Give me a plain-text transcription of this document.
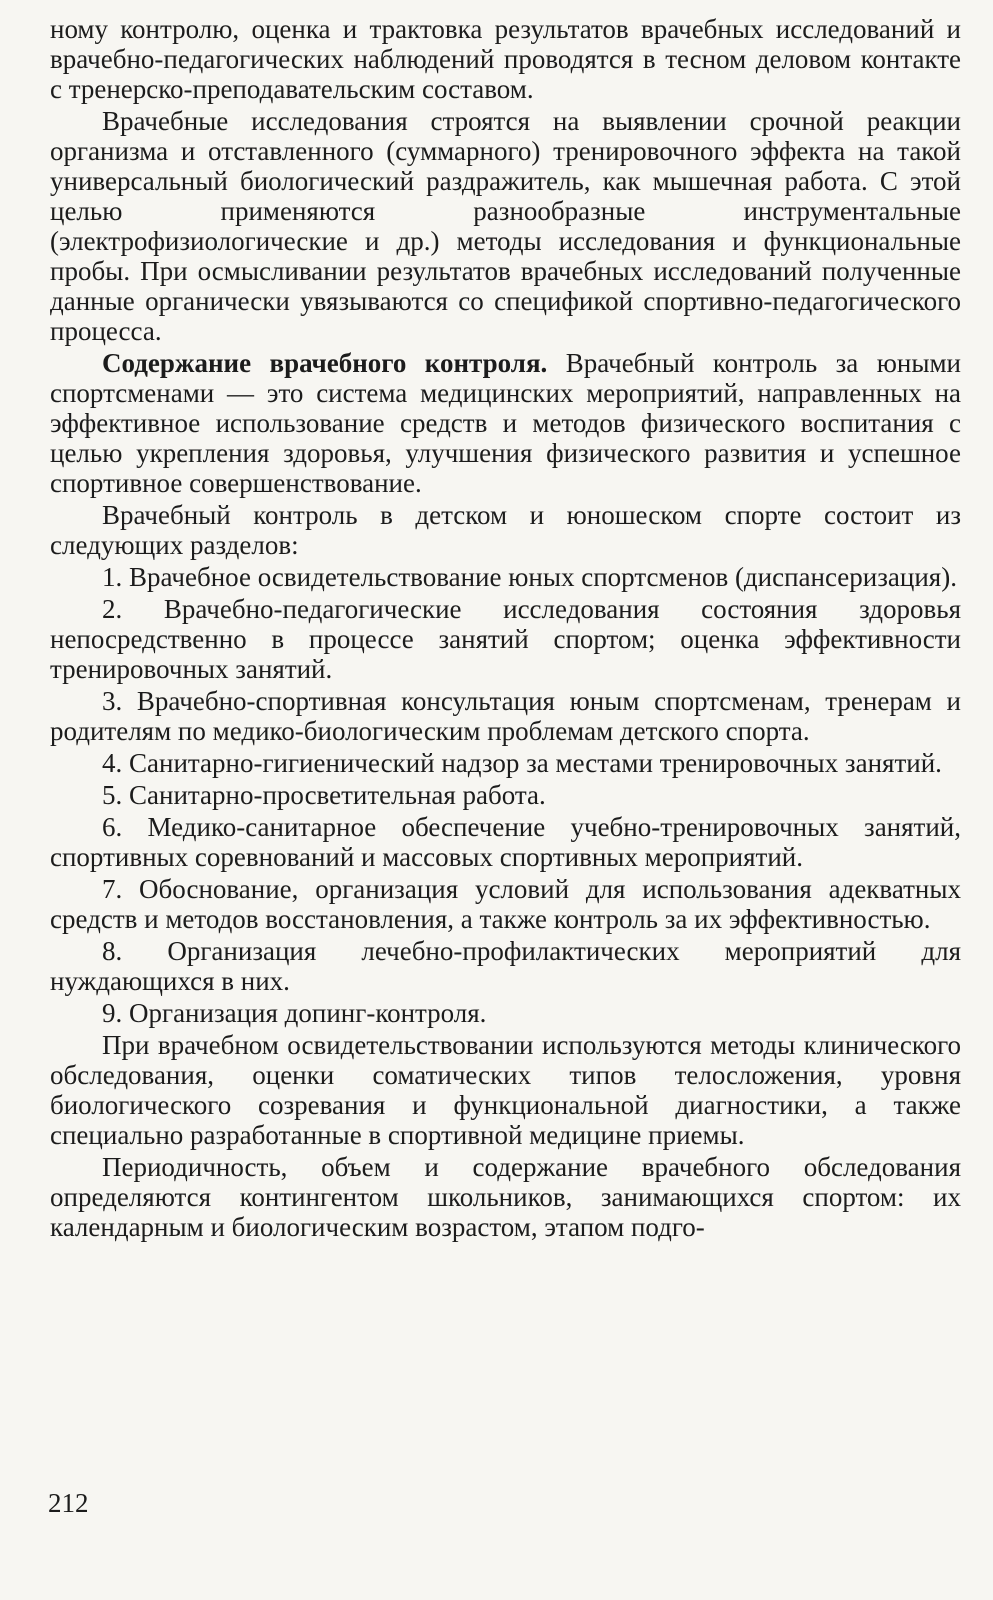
ному контролю, оценка и трактовка результатов врачебных исследований и врачебно-педагогических наблюдений проводятся в тесном деловом контакте с тренерско-преподавательским составом.

Врачебные исследования строятся на выявлении срочной реакции организма и отставленного (суммарного) тренировочного эффекта на такой универсальный биологический раздражитель, как мышечная работа. С этой целью применяются разнообразные инструментальные (электрофизиологические и др.) методы исследования и функциональные пробы. При осмысливании результатов врачебных исследований полученные данные органически увязываются со спецификой спортивно-педагогического процесса.

Содержание врачебного контроля. Врачебный контроль за юными спортсменами — это система медицинских мероприятий, направленных на эффективное использование средств и методов физического воспитания с целью укрепления здоровья, улучшения физического развития и успешное спортивное совершенствование.

Врачебный контроль в детском и юношеском спорте состоит из следующих разделов:

1. Врачебное освидетельствование юных спортсменов (диспансеризация).

2. Врачебно-педагогические исследования состояния здоровья непосредственно в процессе занятий спортом; оценка эффективности тренировочных занятий.

3. Врачебно-спортивная консультация юным спортсменам, тренерам и родителям по медико-биологическим проблемам детского спорта.

4. Санитарно-гигиенический надзор за местами тренировочных занятий.

5. Санитарно-просветительная работа.

6. Медико-санитарное обеспечение учебно-тренировочных занятий, спортивных соревнований и массовых спортивных мероприятий.

7. Обоснование, организация условий для использования адекватных средств и методов восстановления, а также контроль за их эффективностью.

8. Организация лечебно-профилактических мероприятий для нуждающихся в них.

9. Организация допинг-контроля.

При врачебном освидетельствовании используются методы клинического обследования, оценки соматических типов телосложения, уровня биологического созревания и функциональной диагностики, а также специально разработанные в спортивной медицине приемы.

Периодичность, объем и содержание врачебного обследования определяются контингентом школьников, занимающихся спортом: их календарным и биологическим возрастом, этапом подго-

212
